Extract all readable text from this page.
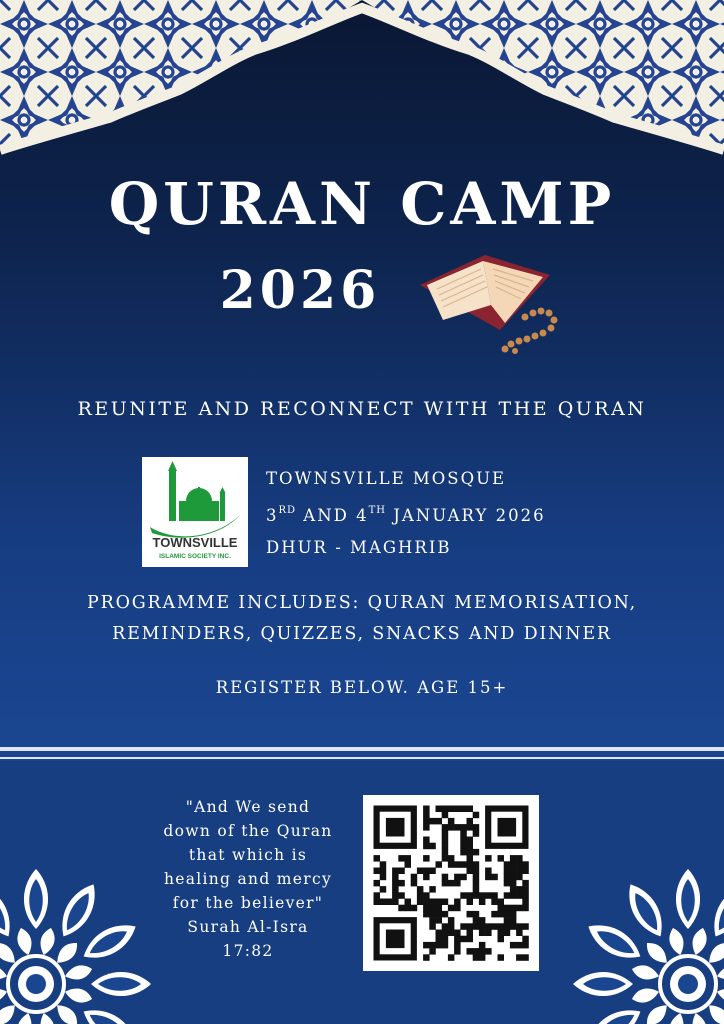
QURAN CAMP
2026
REUNITE AND RECONNECT WITH THE QURAN
TOWNSVILLE
ISLAMIC SOCIETY INC.
TOWNSVILLE MOSQUE
3RD AND 4TH JANUARY 2026
DHUR - MAGHRIB
PROGRAMME INCLUDES: QURAN MEMORISATION,
REMINDERS, QUIZZES, SNACKS AND DINNER
REGISTER BELOW. AGE 15+
"And We send
down of the Quran
that which is
healing and mercy
for the believer"
Surah Al-Isra
17:82
